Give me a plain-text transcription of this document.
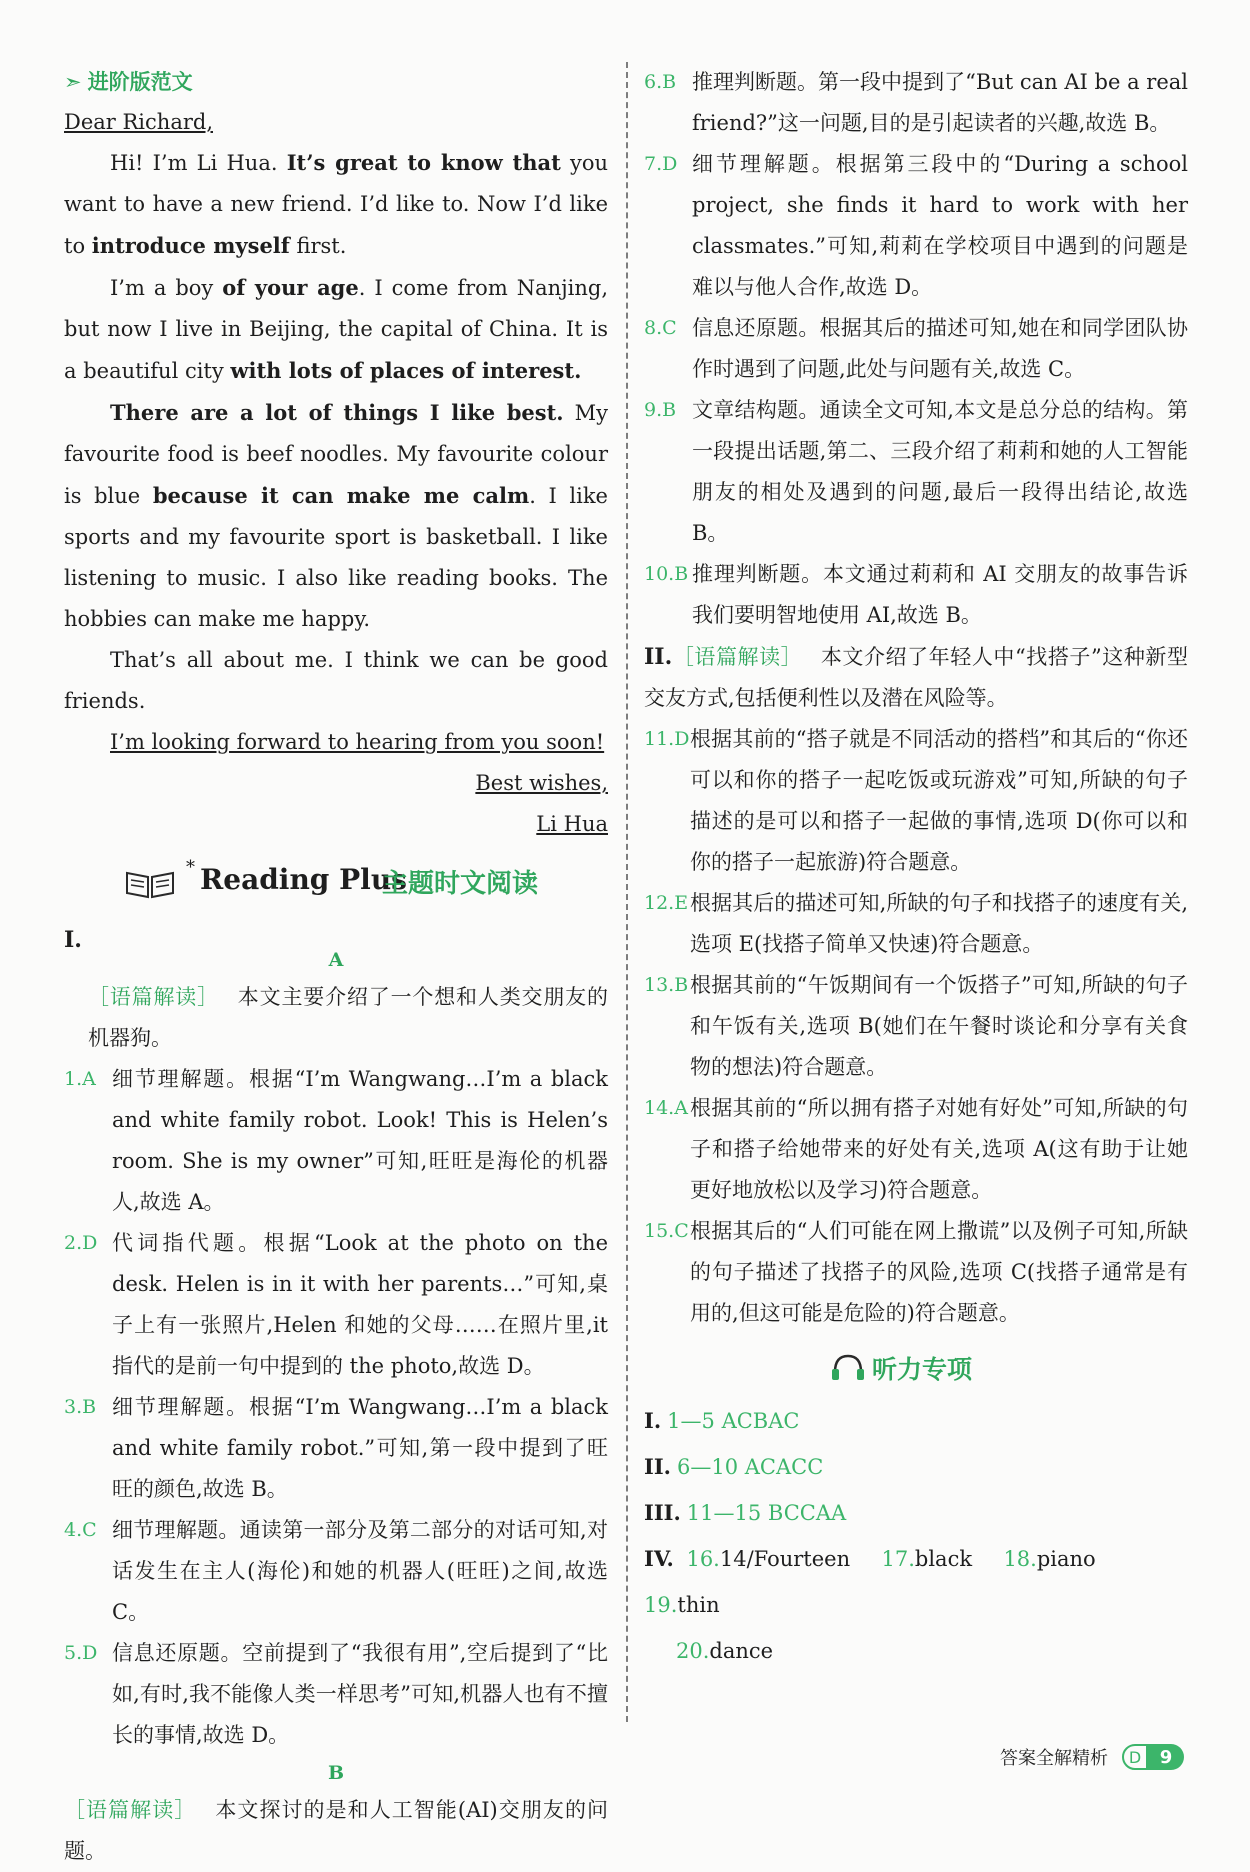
➣ 进阶版范文
Dear Richard,

Hi! I’m Li Hua. It’s great to know that you want to have a new friend. I’d like to. Now I’d like to introduce myself first.

I’m a boy of your age. I come from Nanjing, but now I live in Beijing, the capital of China. It is a beautiful city with lots of places of interest.

There are a lot of things I like best. My favourite food is beef noodles. My favourite colour is blue because it can make me calm. I like sports and my favourite sport is basketball. I like listening to music. I also like reading books. The hobbies can make me happy.

That’s all about me. I think we can be good friends.

I’m looking forward to hearing from you soon!

Best wishes,

Li Hua

* Reading Plus
主题时文阅读
I.
A

［语篇解读］ 本文主要介绍了一个想和人类交朋友的机器狗。

1.A 细节理解题。根据“I’m Wangwang…I’m a black and white family robot. Look! This is Helen’s room. She is my owner”可知,旺旺是海伦的机器人,故选 A。
2.D 代词指代题。根据“Look at the photo on the desk. Helen is in it with her parents…”可知,桌子上有一张照片,Helen 和她的父母……在照片里,it 指代的是前一句中提到的 the photo,故选 D。
3.B 细节理解题。根据“I’m Wangwang…I’m a black and white family robot.”可知,第一段中提到了旺旺的颜色,故选 B。
4.C 细节理解题。通读第一部分及第二部分的对话可知,对话发生在主人(海伦)和她的机器人(旺旺)之间,故选 C。
5.D 信息还原题。空前提到了“我很有用”,空后提到了“比如,有时,我不能像人类一样思考”可知,机器人也有不擅长的事情,故选 D。
B

［语篇解读］ 本文探讨的是和人工智能(AI)交朋友的问题。

6.B 推理判断题。第一段中提到了“But can AI be a real friend?”这一问题,目的是引起读者的兴趣,故选 B。
7.D 细节理解题。根据第三段中的“During a school project, she finds it hard to work with her classmates.”可知,莉莉在学校项目中遇到的问题是难以与他人合作,故选 D。
8.C 信息还原题。根据其后的描述可知,她在和同学团队协作时遇到了问题,此处与问题有关,故选 C。
9.B 文章结构题。通读全文可知,本文是总分总的结构。第一段提出话题,第二、三段介绍了莉莉和她的人工智能朋友的相处及遇到的问题,最后一段得出结论,故选 B。
10.B 推理判断题。本文通过莉莉和 AI 交朋友的故事告诉我们要明智地使用 AI,故选 B。

II.［语篇解读］ 本文介绍了年轻人中“找搭子”这种新型交友方式,包括便利性以及潜在风险等。

11.D 根据其前的“搭子就是不同活动的搭档”和其后的“你还可以和你的搭子一起吃饭或玩游戏”可知,所缺的句子描述的是可以和搭子一起做的事情,选项 D(你可以和你的搭子一起旅游)符合题意。
12.E 根据其后的描述可知,所缺的句子和找搭子的速度有关,选项 E(找搭子简单又快速)符合题意。
13.B 根据其前的“午饭期间有一个饭搭子”可知,所缺的句子和午饭有关,选项 B(她们在午餐时谈论和分享有关食物的想法)符合题意。
14.A 根据其前的“所以拥有搭子对她有好处”可知,所缺的句子和搭子给她带来的好处有关,选项 A(这有助于让她更好地放松以及学习)符合题意。
15.C 根据其后的“人们可能在网上撒谎”以及例子可知,所缺的句子描述了找搭子的风险,选项 C(找搭子通常是有用的,但这可能是危险的)符合题意。
听力专项
I. 1—5 ACBAC
II. 6—10 ACACC
III. 11—15 BCCAA
IV. 16.14/Fourteen 17.black 18.piano  19.thin
20.dance
答案全解精析	D	9
